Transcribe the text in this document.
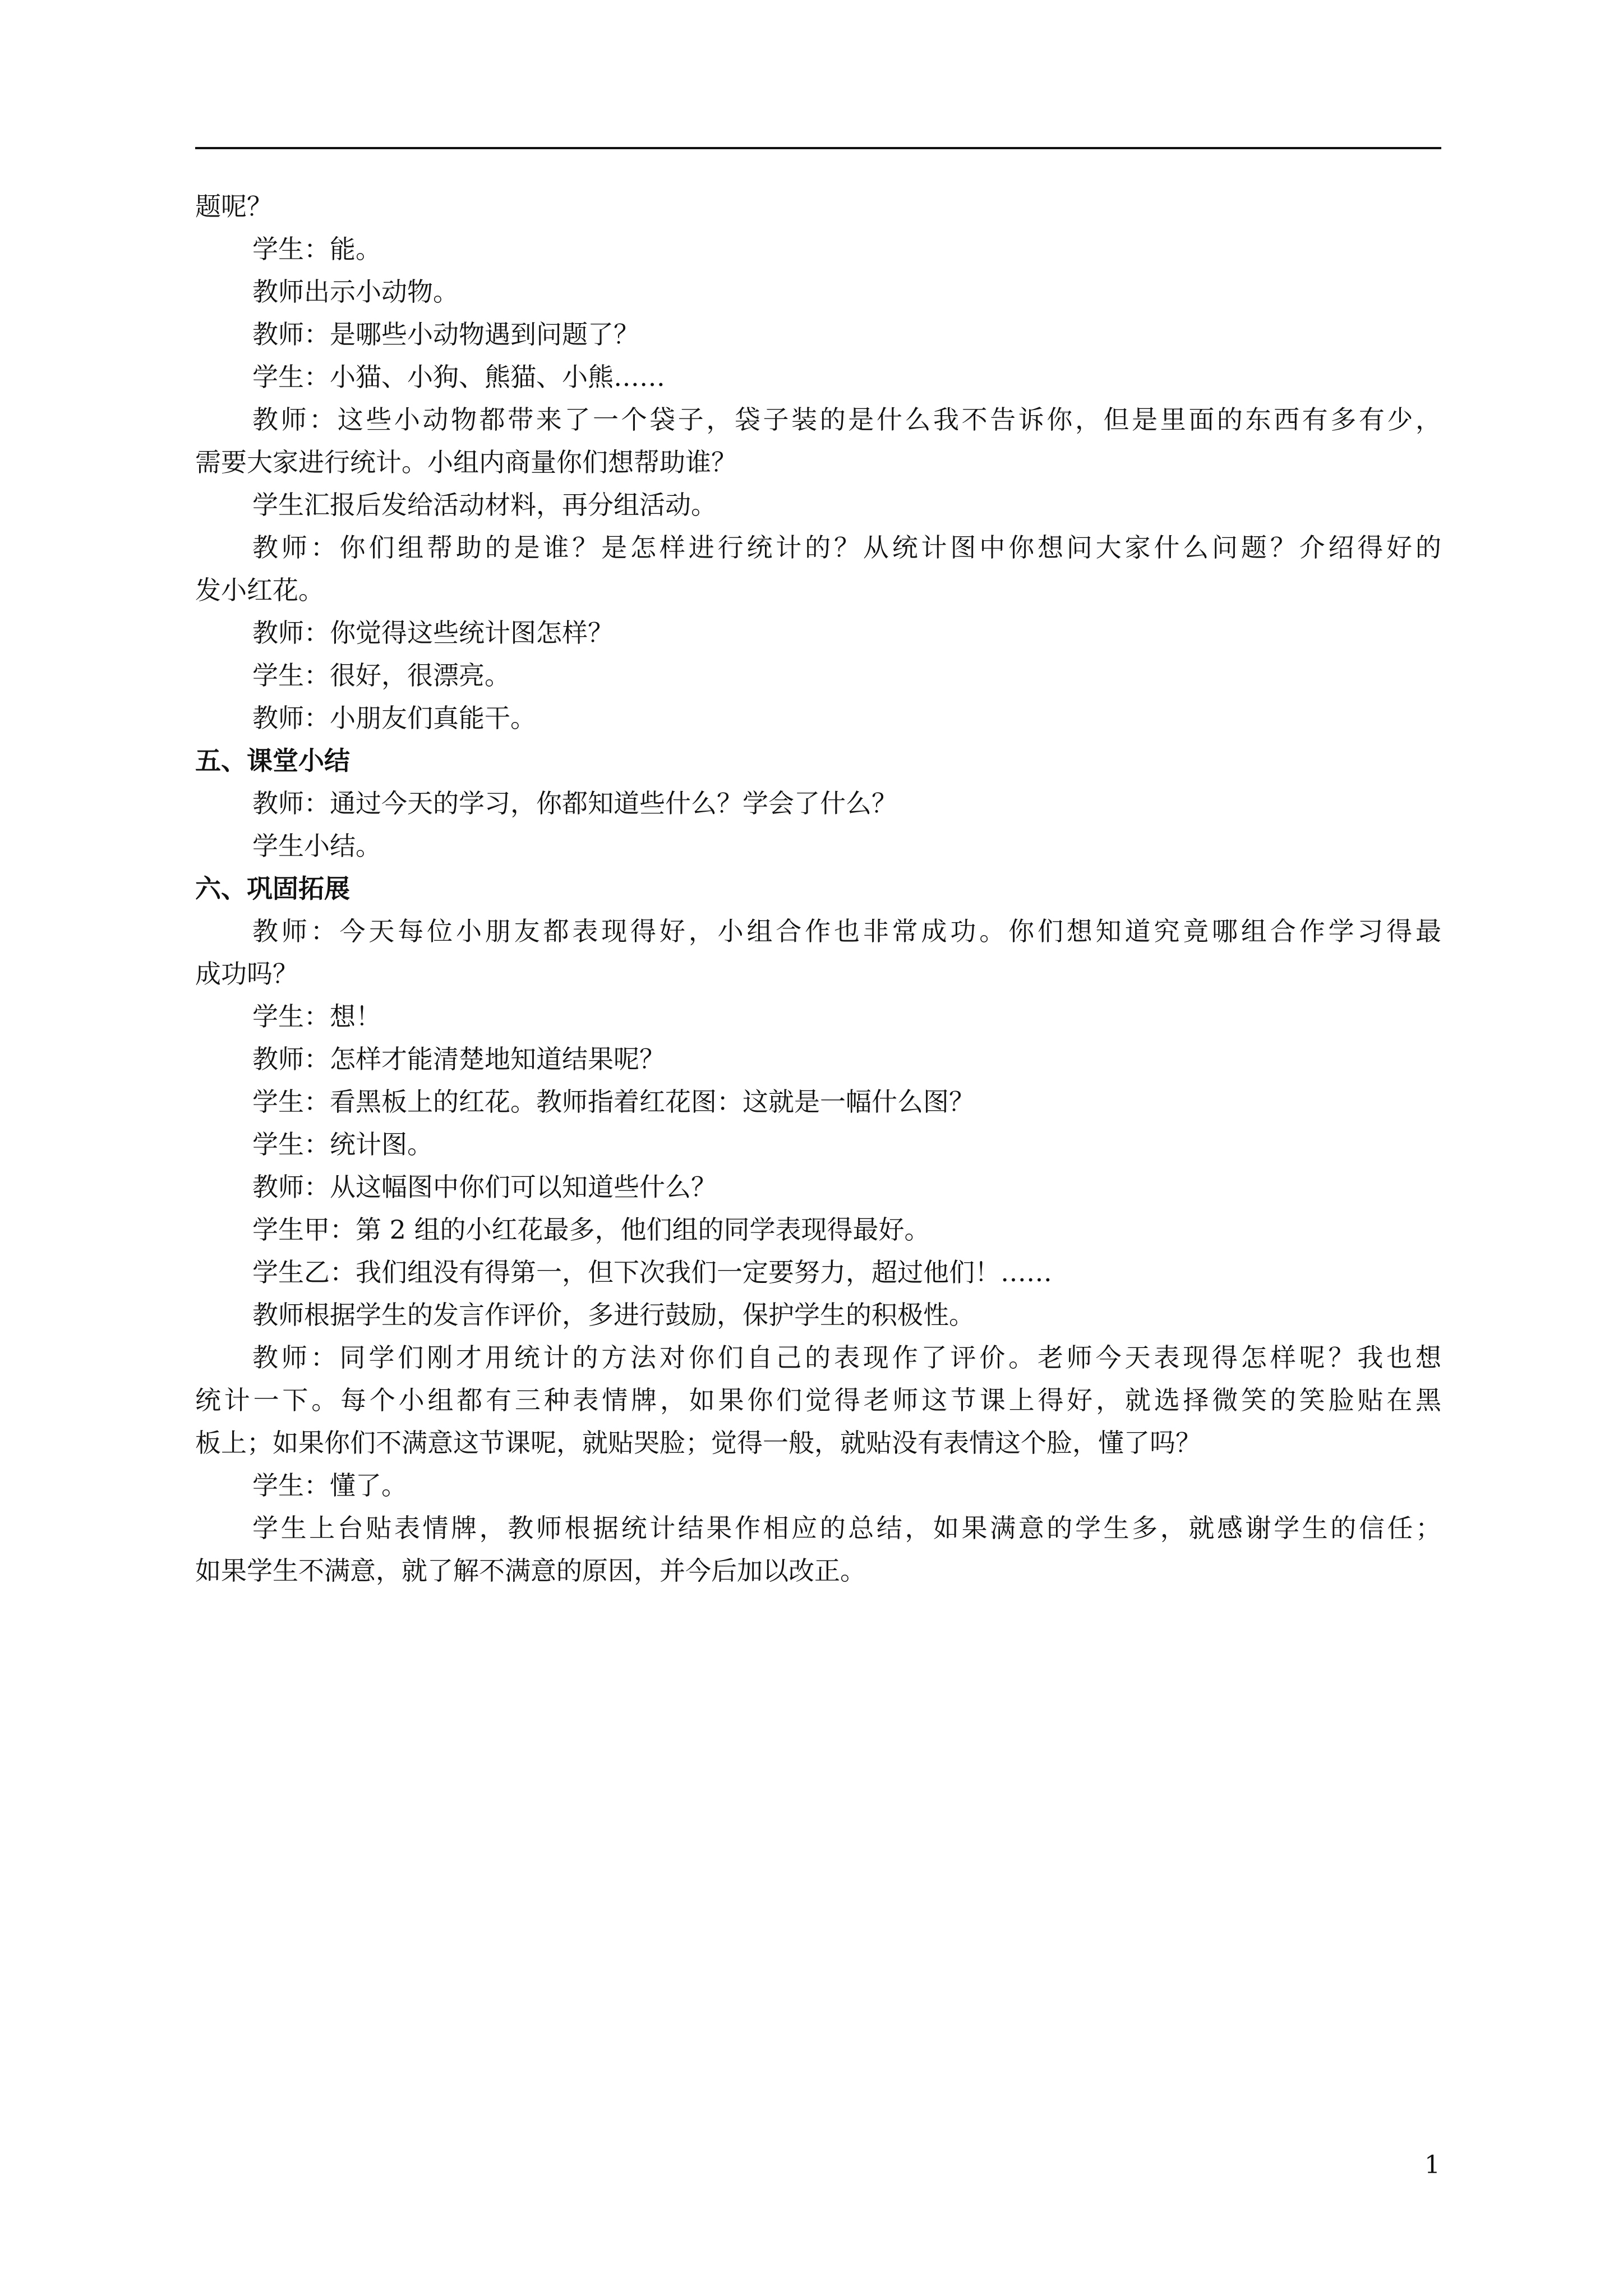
题呢？
学生：能。
教师出示小动物。
教师：是哪些小动物遇到问题了？
学生：小猫、小狗、熊猫、小熊……
教师：这些小动物都带来了一个袋子，袋子装的是什么我不告诉你，但是里面的东西有多有少，
需要大家进行统计。小组内商量你们想帮助谁？
学生汇报后发给活动材料，再分组活动。
教师：你们组帮助的是谁？是怎样进行统计的？从统计图中你想问大家什么问题？介绍得好的
发小红花。
教师：你觉得这些统计图怎样？
学生：很好，很漂亮。
教师：小朋友们真能干。
五、课堂小结
教师：通过今天的学习，你都知道些什么？学会了什么？
学生小结。
六、巩固拓展
教师：今天每位小朋友都表现得好，小组合作也非常成功。你们想知道究竟哪组合作学习得最
成功吗？
学生：想！
教师：怎样才能清楚地知道结果呢？
学生：看黑板上的红花。教师指着红花图：这就是一幅什么图？
学生：统计图。
教师：从这幅图中你们可以知道些什么？
学生甲：第 2 组的小红花最多，他们组的同学表现得最好。
学生乙：我们组没有得第一，但下次我们一定要努力，超过他们！……
教师根据学生的发言作评价，多进行鼓励，保护学生的积极性。
教师：同学们刚才用统计的方法对你们自己的表现作了评价。老师今天表现得怎样呢？我也想
统计一下。每个小组都有三种表情牌，如果你们觉得老师这节课上得好，就选择微笑的笑脸贴在黑
板上；如果你们不满意这节课呢，就贴哭脸；觉得一般，就贴没有表情这个脸，懂了吗？
学生：懂了。
学生上台贴表情牌，教师根据统计结果作相应的总结，如果满意的学生多，就感谢学生的信任；
如果学生不满意，就了解不满意的原因，并今后加以改正。
1
